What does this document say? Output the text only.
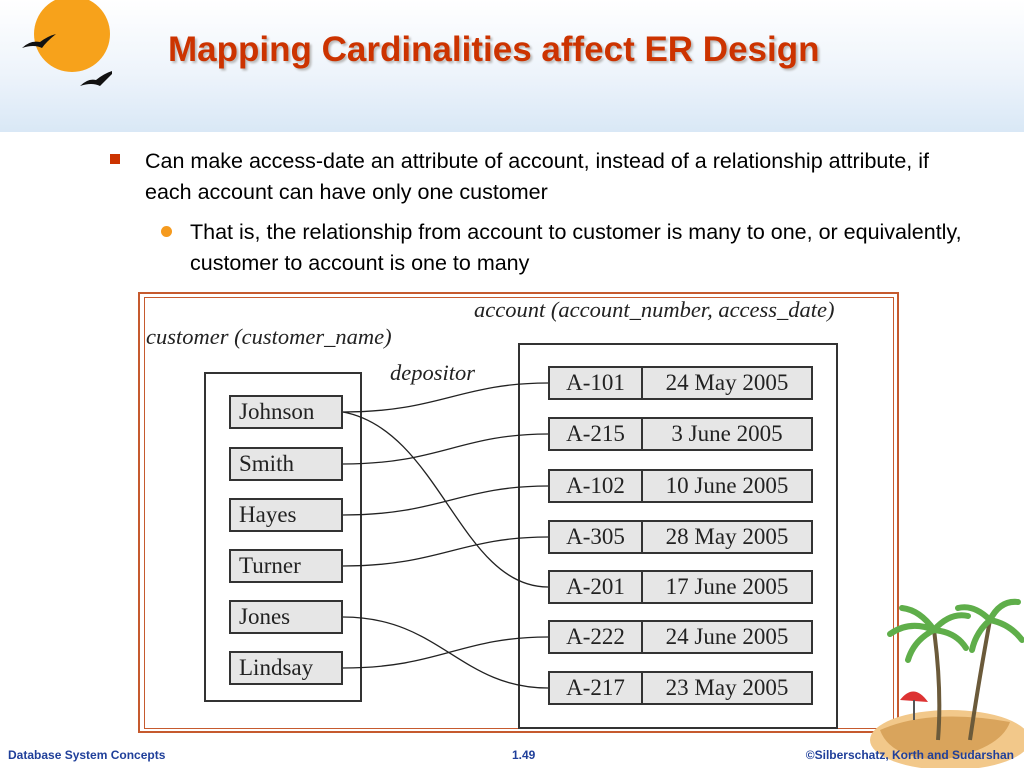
Mapping Cardinalities affect ER Design
Can make access-date an attribute of account, instead of a relationship attribute, if each account can have only one customer
That is, the relationship from account to customer is many to one, or equivalently, customer to account is one to many
account (account_number, access_date)
customer (customer_name)
depositor
Johnson
Smith
Hayes
Turner
Jones
Lindsay
A-101	24 May 2005
A-215	3 June 2005
A-102	10 June 2005
A-305	28 May 2005
A-201	17 June 2005
A-222	24 June 2005
A-217	23 May 2005
Database System Concepts	1.49	©Silberschatz, Korth and Sudarshan
